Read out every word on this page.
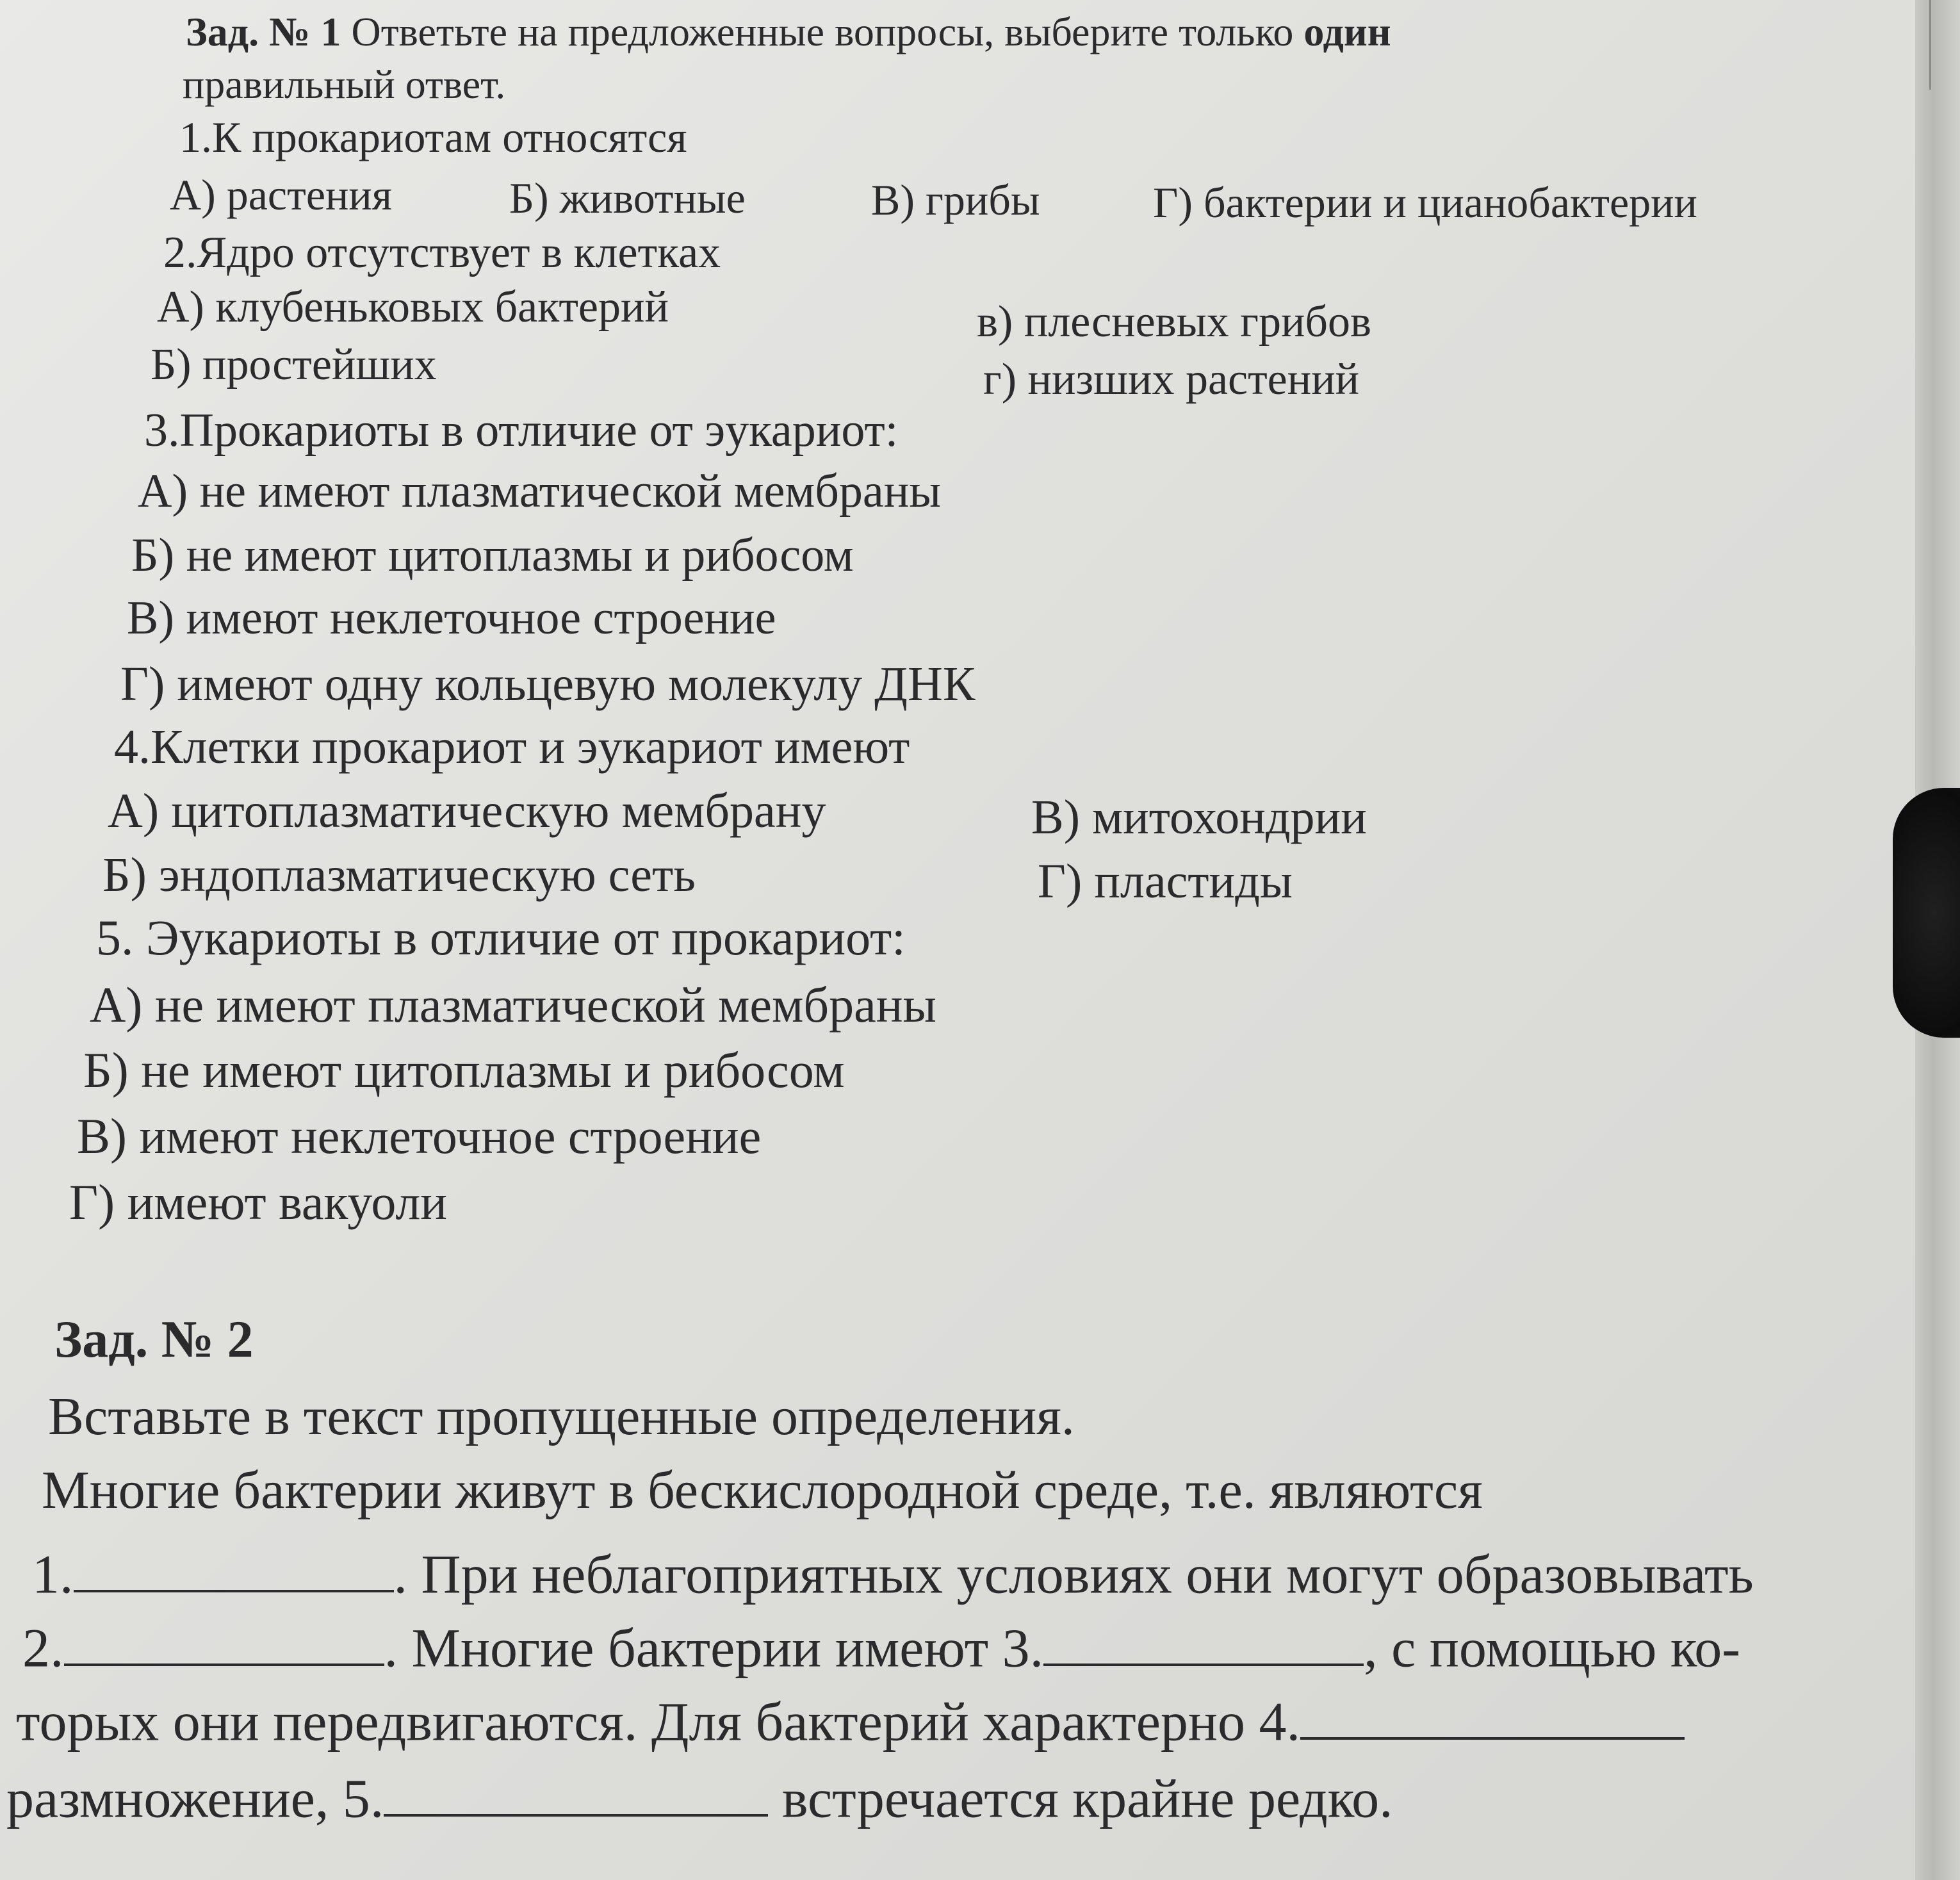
Зад. № 1 Ответьте на предложенные вопросы, выберите только один
правильный ответ.
1.К прокариотам относятся
А) растения	Б) животные	В) грибы	Г) бактерии и цианобактерии
2.Ядро отсутствует в клетках
А) клубеньковых бактерий
Б) простейших
в) плесневых грибов
г) низших растений
3.Прокариоты в отличие от эукариот:
А) не имеют плазматической мембраны
Б) не имеют цитоплазмы и рибосом
В) имеют неклеточное строение
Г) имеют одну кольцевую молекулу ДНК
4.Клетки прокариот и эукариот имеют
А) цитоплазматическую мембрану
Б) эндоплазматическую сеть
В) митохондрии
Г) пластиды
5. Эукариоты в отличие от прокариот:
А) не имеют плазматической мембраны
Б) не имеют цитоплазмы и рибосом
В) имеют неклеточное строение
Г) имеют вакуоли
Зад. № 2
Вставьте в текст пропущенные определения.
Многие бактерии живут в бескислородной среде, т.е. являются
1.	. При неблагоприятных условиях они могут образовывать
2.	. Многие бактерии имеют 3.	, с помощью ко-
торых они передвигаются. Для бактерий характерно 4.
размножение, 5.	встречается крайне редко.
